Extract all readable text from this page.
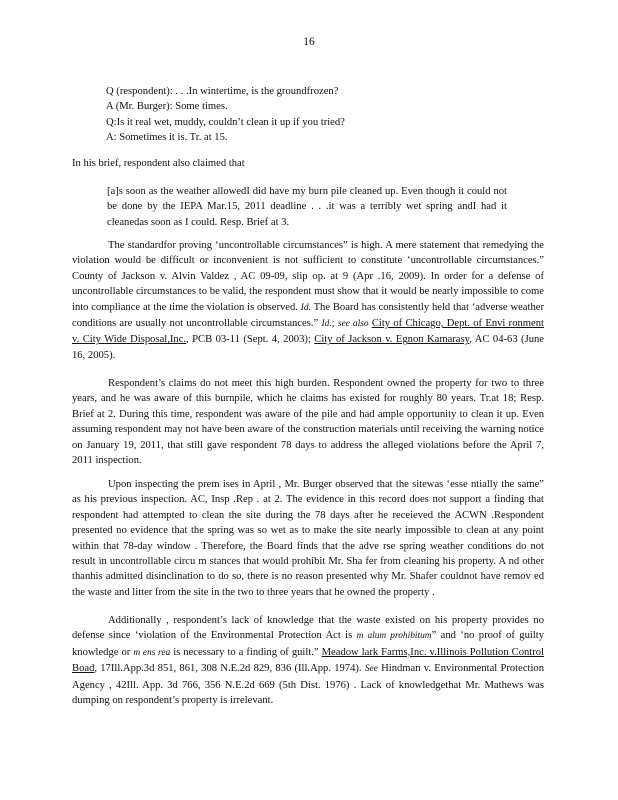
16
Q (respondent): . . .In wintertime, is the groundfrozen?
A (Mr. Burger): Some times.
Q:Is it real wet, muddy, couldn’t clean it up if you tried?
A: Sometimes it is. Tr. at 15.
In his brief, respondent also claimed that
[a]s soon as the weather allowedI did have my burn pile cleaned up. Even though it could not be done by the IEPA Mar.15, 2011 deadline . . .it was a terribly wet spring andI had it cleanedas soon as I could. Resp. Brief at 3.
The standardfor proving ‘uncontrollable circumstances” is high. A mere statement that remedying the violation would be difficult or inconvenient is not sufficient to constitute ‘uncontrollable circumstances.” County of Jackson v. Alvin Valdez , AC 09-09, slip op. at 9 (Apr .16, 2009). In order for a defense of uncontrollable circumstances to be valid, the respondent must show that it would be nearly impossible to come into compliance at the time the violation is observed. Id. The Board has consistently held that ‘adverse weather conditions are usually not uncontrollable circumstances.” Id.; see also City of Chicago, Dept. of Envi ronment v. City Wide Disposal,Inc., PCB 03-11 (Sept. 4, 2003); City of Jackson v. Egnon Kamarasy, AC 04-63 (June 16, 2005).
Respondent’s claims do not meet this high burden. Respondent owned the property for two to three years, and he was aware of this burnpile, which he claims has existed for roughly 80 years. Tr.at 18; Resp. Brief at 2. During this time, respondent was aware of the pile and had ample opportunity to clean it up. Even assuming respondent may not have been aware of the construction materials until receiving the warning notice on January 19, 2011, that still gave respondent 78 days to address the alleged violations before the April 7, 2011 inspection.
Upon inspecting the prem ises in April , Mr. Burger observed that the sitewas ‘esse ntially the same” as his previous inspection. AC, Insp .Rep . at 2. The evidence in this record does not support a finding that respondent had attempted to clean the site during the 78 days after he receieved the ACWN .Respondent presented no evidence that the spring was so wet as to make the site nearly impossible to clean at any point within that 78-day window . Therefore, the Board finds that the adve rse spring weather conditions do not result in uncontrollable circu m stances that would prohibit Mr. Sha fer from cleaning his property. A nd other thanhis admitted disinclination to do so, there is no reason presented why Mr. Shafer couldnot have remov ed the waste and litter from the site in the two to three years that he owned the property .
Additionally , respondent’s lack of knowledge that the waste existed on his property provides no defense since ‘violation of the Environmental Protection Act is m alum prohibitum” and ‘no proof of guilty knowledge or m ens rea is necessary to a finding of guilt.” Meadow lark Farms,Inc. v.Illinois Pollution Control Boad, 17Ill.App.3d 851, 861, 308 N.E.2d 829, 836 (Ill.App. 1974). See Hindman v. Environmental Protection Agency , 42Ill. App. 3d 766, 356 N.E.2d 669 (5th Dist. 1976) . Lack of knowledgethat Mr. Mathews was dumping on respondent’s property is irrelevant.
